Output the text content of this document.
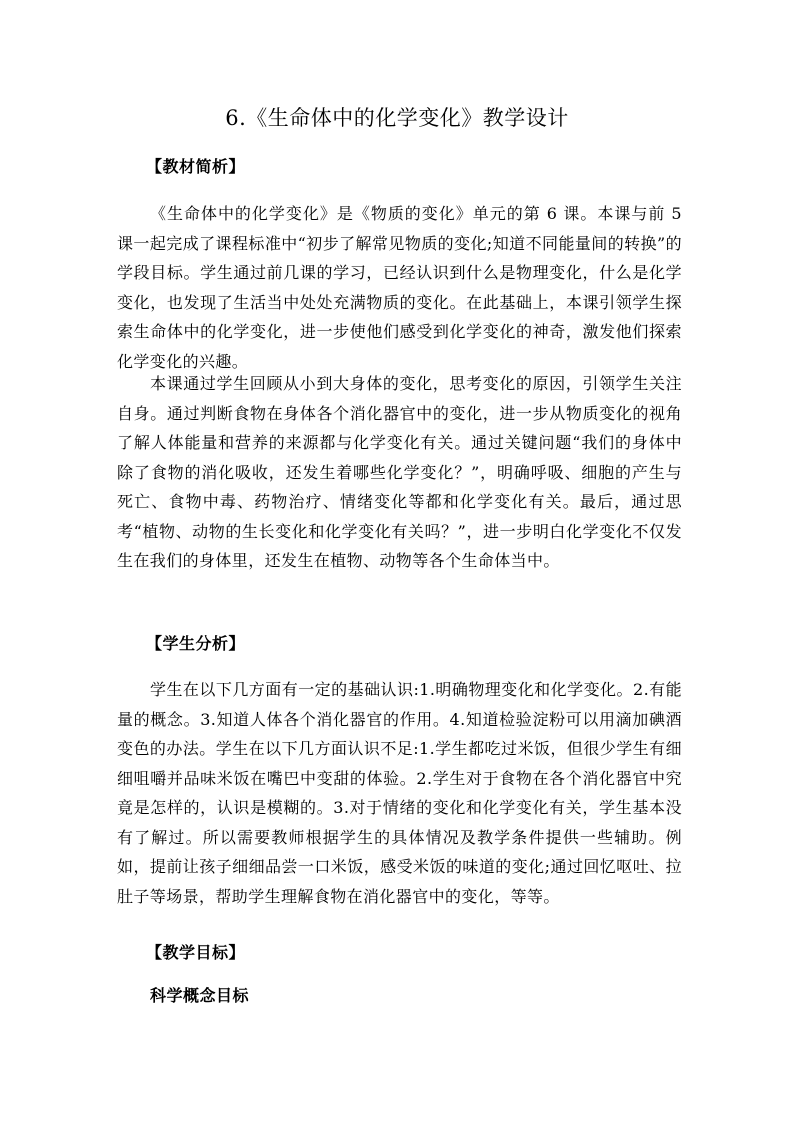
6.《生命体中的化学变化》教学设计
【教材简析】

《生命体中的化学变化》是《物质的变化》单元的第 6 课。本课与前 5 课一起完成了课程标准中“初步了解常见物质的变化;知道不同能量间的转换”的学段目标。学生通过前几课的学习，已经认识到什么是物理变化，什么是化学变化，也发现了生活当中处处充满物质的变化。在此基础上，本课引领学生探索生命体中的化学变化，进一步使他们感受到化学变化的神奇，激发他们探索化学变化的兴趣。

本课通过学生回顾从小到大身体的变化，思考变化的原因，引领学生关注自身。通过判断食物在身体各个消化器官中的变化，进一步从物质变化的视角了解人体能量和营养的来源都与化学变化有关。通过关键问题“我们的身体中除了食物的消化吸收，还发生着哪些化学变化？”，明确呼吸、细胞的产生与死亡、食物中毒、药物治疗、情绪变化等都和化学变化有关。最后，通过思考“植物、动物的生长变化和化学变化有关吗？”，进一步明白化学变化不仅发生在我们的身体里，还发生在植物、动物等各个生命体当中。

【学生分析】

学生在以下几方面有一定的基础认识:1.明确物理变化和化学变化。2.有能量的概念。3.知道人体各个消化器官的作用。4.知道检验淀粉可以用滴加碘酒变色的办法。学生在以下几方面认识不足:1.学生都吃过米饭，但很少学生有细细咀嚼并品味米饭在嘴巴中变甜的体验。2.学生对于食物在各个消化器官中究竟是怎样的，认识是模糊的。3.对于情绪的变化和化学变化有关，学生基本没有了解过。所以需要教师根据学生的具体情况及教学条件提供一些辅助。例如，提前让孩子细细品尝一口米饭，感受米饭的味道的变化;通过回忆呕吐、拉肚子等场景，帮助学生理解食物在消化器官中的变化，等等。

【教学目标】
科学概念目标
